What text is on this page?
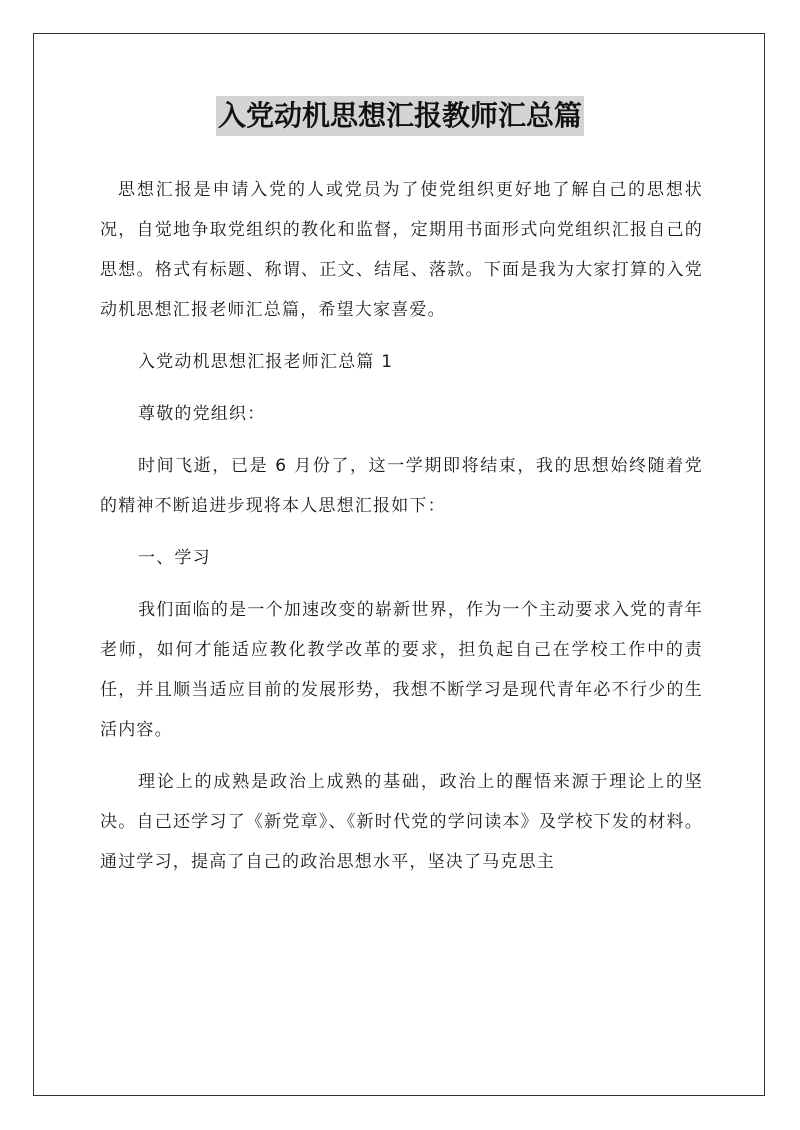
入党动机思想汇报教师汇总篇

思想汇报是申请入党的人或党员为了使党组织更好地了解自己的思想状况，自觉地争取党组织的教化和监督，定期用书面形式向党组织汇报自己的思想。格式有标题、称谓、正文、结尾、落款。下面是我为大家打算的入党动机思想汇报老师汇总篇，希望大家喜爱。

入党动机思想汇报老师汇总篇 1

尊敬的党组织：

时间飞逝，已是 6 月份了，这一学期即将结束，我的思想始终随着党的精神不断追进步现将本人思想汇报如下：

一、学习

我们面临的是一个加速改变的崭新世界，作为一个主动要求入党的青年老师，如何才能适应教化教学改革的要求，担负起自己在学校工作中的责任，并且顺当适应目前的发展形势，我想不断学习是现代青年必不行少的生活内容。

理论上的成熟是政治上成熟的基础，政治上的醒悟来源于理论上的坚决。自己还学习了《新党章》、《新时代党的学问读本》及学校下发的材料。通过学习，提高了自己的政治思想水平，坚决了马克思主
